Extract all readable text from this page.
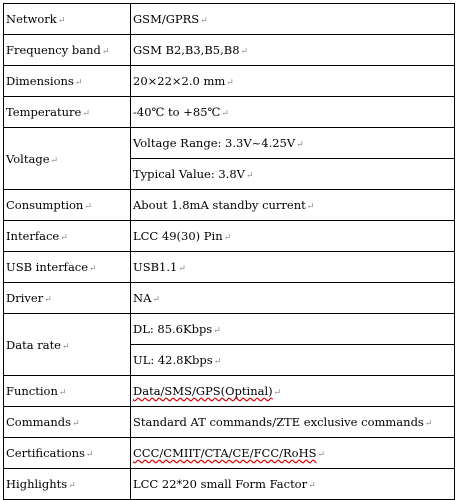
Network↵	GSM/GPRS↵
Frequency band↵	GSM B2,B3,B5,B8↵
Dimensions↵	20×22×2.0 mm↵
Temperature↵	-40℃ to +85℃↵
Voltage↵	Voltage Range: 3.3V~4.25V↵
	Typical Value: 3.8V↵
Consumption↵	About 1.8mA standby current↵
Interface↵	LCC 49(30) Pin↵
USB interface↵	USB1.1↵
Driver↵	NA↵
Data rate↵	DL: 85.6Kbps↵
	UL: 42.8Kbps↵
Function↵	Data/SMS/GPS(Optinal)↵
Commands↵	Standard AT commands/ZTE exclusive commands↵
Certifications↵	CCC/CMIIT/CTA/CE/FCC/RoHS↵
Highlights↵	LCC 22*20 small Form Factor↵
